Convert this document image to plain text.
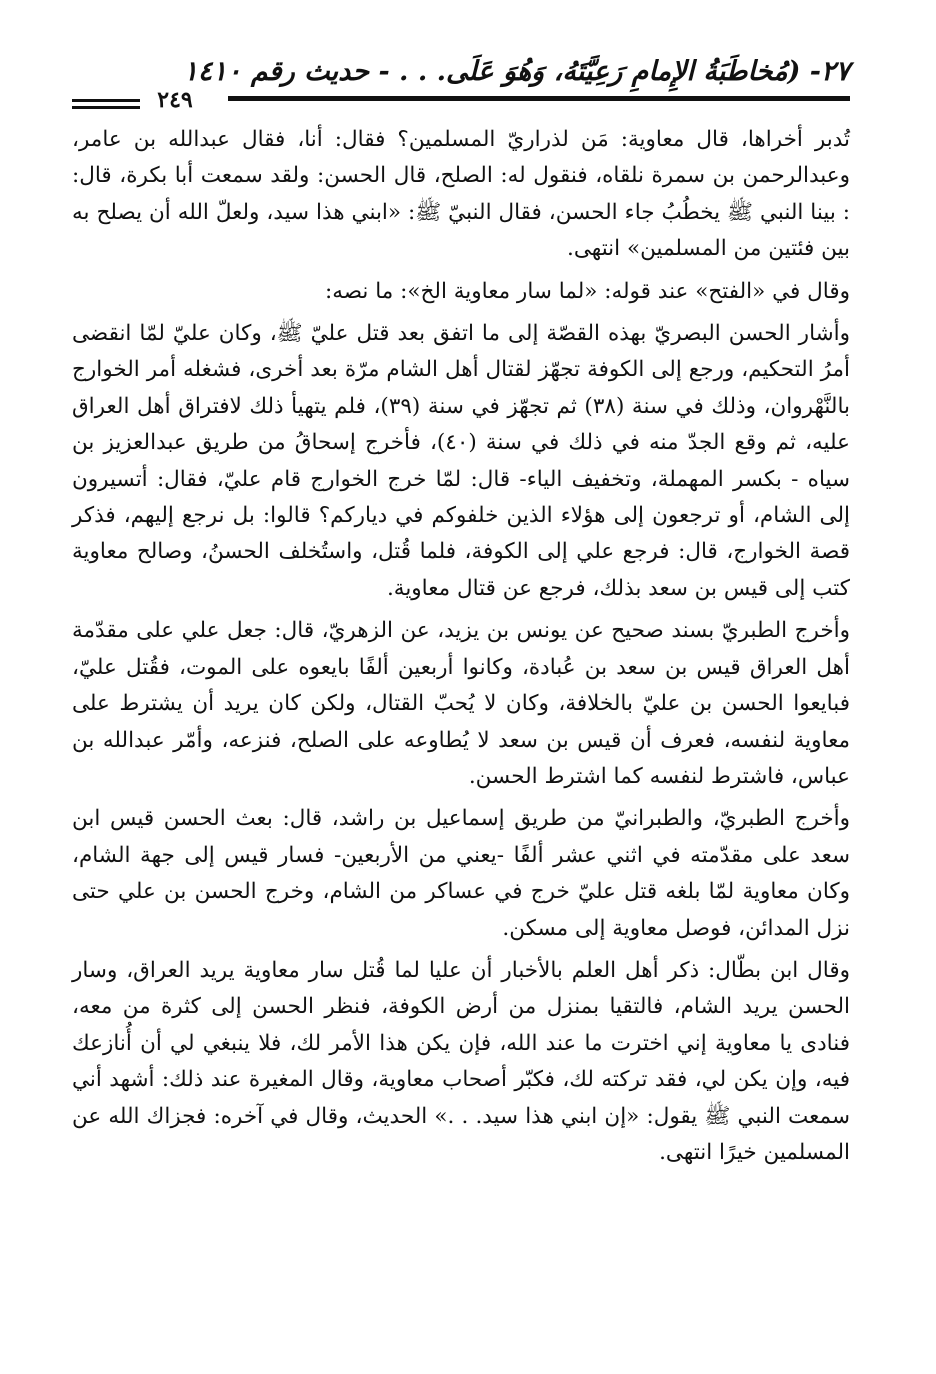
٢٧- (مُخاطَبَةُ الإِمامِ رَعِيَّتَهُ، وَهُوَ عَلَى. . . - حديث رقم ١٤١٠
٢٤٩

تُدبر أخراها، قال معاوية: مَن لذراريّ المسلمين؟ فقال: أنا، فقال عبدالله بن عامر، وعبدالرحمن بن سمرة نلقاه، فنقول له: الصلح، قال الحسن: ولقد سمعت أبا بكرة، قال: : بينا النبي ﷺ يخطُبُ جاء الحسن، فقال النبيّ ﷺ: «ابني هذا سيد، ولعلّ الله أن يصلح به بين فئتين من المسلمين» انتهى.

وقال في «الفتح» عند قوله: «لما سار معاوية الخ»: ما نصه:

وأشار الحسن البصريّ بهذه القصّة إلى ما اتفق بعد قتل عليّ ﷺ، وكان عليّ لمّا انقضى أمرُ التحكيم، ورجع إلى الكوفة تجهّز لقتال أهل الشام مرّة بعد أخرى، فشغله أمر الخوارج بالنَّهْروان، وذلك في سنة (٣٨) ثم تجهّز في سنة (٣٩)، فلم يتهيأ ذلك لافتراق أهل العراق عليه، ثم وقع الجدّ منه في ذلك في سنة (٤٠)، فأخرج إسحاقُ من طريق عبدالعزيز بن سياه - بكسر المهملة، وتخفيف الياء- قال: لمّا خرج الخوارج قام عليّ، فقال: أتسيرون إلى الشام، أو ترجعون إلى هؤلاء الذين خلفوكم في دياركم؟ قالوا: بل نرجع إليهم، فذكر قصة الخوارج، قال: فرجع علي إلى الكوفة، فلما قُتل، واستُخلف الحسنُ، وصالح معاوية كتب إلى قيس بن سعد بذلك، فرجع عن قتال معاوية.

وأخرج الطبريّ بسند صحيح عن يونس بن يزيد، عن الزهريّ، قال: جعل علي على مقدّمة أهل العراق قيس بن سعد بن عُبادة، وكانوا أربعين ألفًا بايعوه على الموت، فقُتل عليّ، فبايعوا الحسن بن عليّ بالخلافة، وكان لا يُحبّ القتال، ولكن كان يريد أن يشترط على معاوية لنفسه، فعرف أن قيس بن سعد لا يُطاوعه على الصلح، فنزعه، وأمّر عبدالله بن عباس، فاشترط لنفسه كما اشترط الحسن.

وأخرج الطبريّ، والطبرانيّ من طريق إسماعيل بن راشد، قال: بعث الحسن قيس ابن سعد على مقدّمته في اثني عشر ألفًا -يعني من الأربعين- فسار قيس إلى جهة الشام، وكان معاوية لمّا بلغه قتل عليّ خرج في عساكر من الشام، وخرج الحسن بن علي حتى نزل المدائن، فوصل معاوية إلى مسكن.

وقال ابن بطّال: ذكر أهل العلم بالأخبار أن عليا لما قُتل سار معاوية يريد العراق، وسار الحسن يريد الشام، فالتقيا بمنزل من أرض الكوفة، فنظر الحسن إلى كثرة من معه، فنادى يا معاوية إني اخترت ما عند الله، فإن يكن هذا الأمر لك، فلا ينبغي لي أن أُنازعك فيه، وإن يكن لي، فقد تركته لك، فكبّر أصحاب معاوية، وقال المغيرة عند ذلك: أشهد أني سمعت النبي ﷺ يقول: «إن ابني هذا سيد. . .» الحديث، وقال في آخره: فجزاك الله عن المسلمين خيرًا انتهى.
